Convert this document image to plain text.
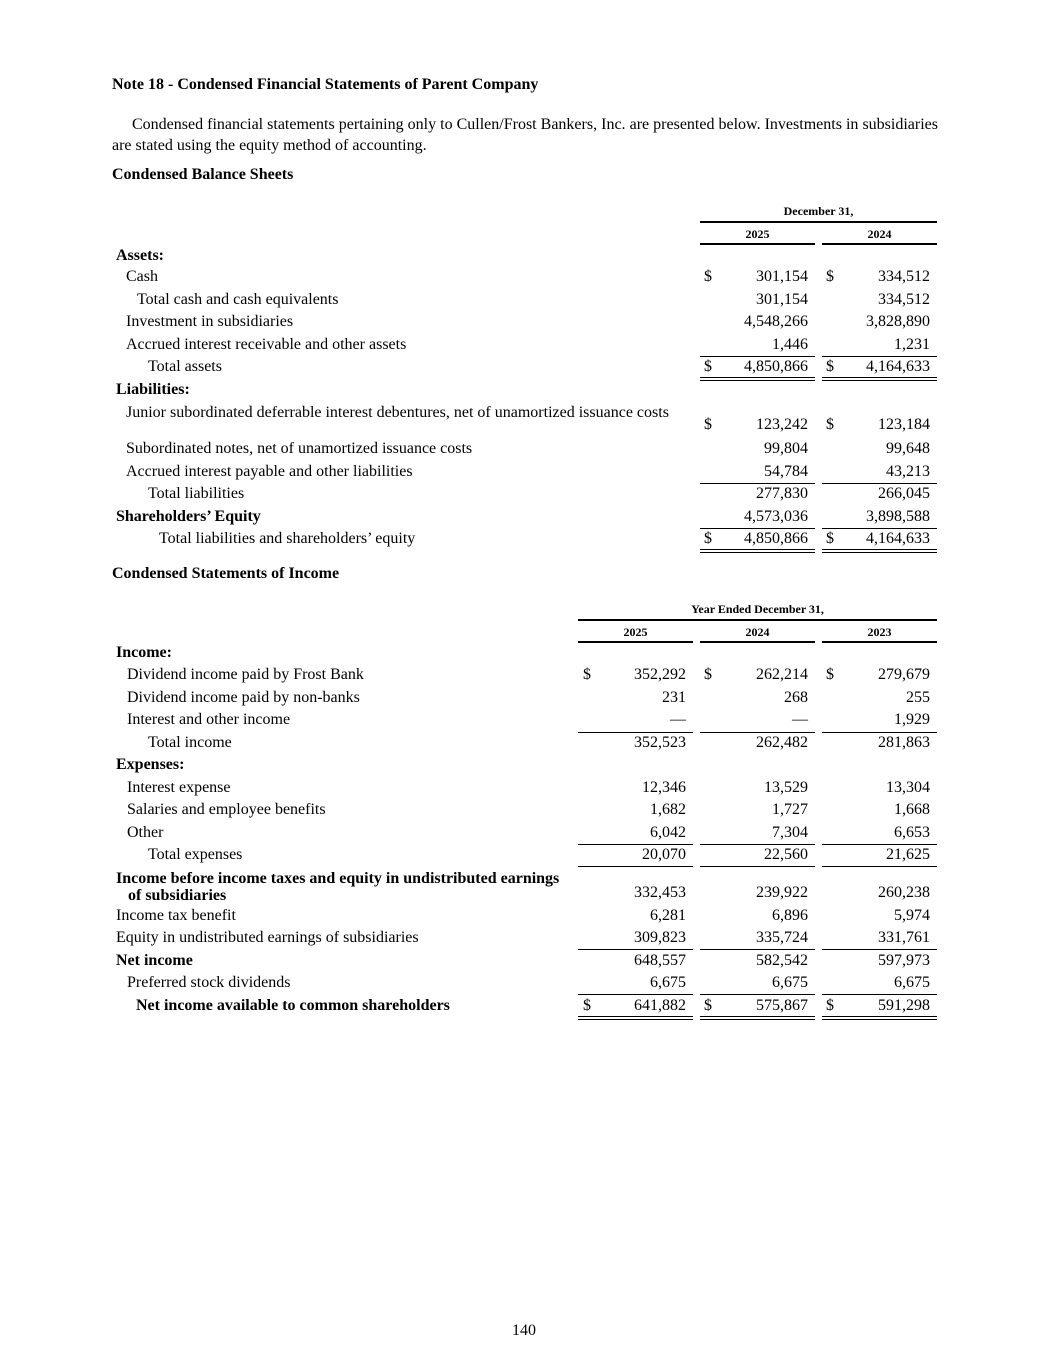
Note 18 - Condensed Financial Statements of Parent Company
Condensed financial statements pertaining only to Cullen/Frost Bankers, Inc. are presented below. Investments in subsidiaries are stated using the equity method of accounting.
Condensed Balance Sheets
December 31,
2025	2024
Assets:
Cash	$	301,154 $	334,512
Total cash and cash equivalents	301,154	334,512
Investment in subsidiaries	4,548,266	3,828,890
Accrued interest receivable and other assets	1,446	1,231
Total assets	$	4,850,866 $	4,164,633
Liabilities:
Junior subordinated deferrable interest debentures, net of unamortized issuance costs
$	123,242 $	123,184
Subordinated notes, net of unamortized issuance costs	99,804	99,648
Accrued interest payable and other liabilities	54,784	43,213
Total liabilities	277,830	266,045
Shareholders’ Equity	4,573,036	3,898,588
Total liabilities and shareholders’ equity	$	4,850,866 $	4,164,633
Condensed Statements of Income
Year Ended December 31,
2025	2024	2023
Income:
Dividend income paid by Frost Bank	$	352,292 $	262,214 $	279,679
Dividend income paid by non-banks	231	268	255
Interest and other income	—	—	1,929
Total income	352,523	262,482	281,863
Expenses:
Interest expense	12,346	13,529	13,304
Salaries and employee benefits	1,682	1,727	1,668
Other	6,042	7,304	6,653
Total expenses	20,070	22,560	21,625
Income before income taxes and equity in undistributed earnings of subsidiaries	332,453	239,922	260,238
Income tax benefit	6,281	6,896	5,974
Equity in undistributed earnings of subsidiaries	309,823	335,724	331,761
Net income	648,557	582,542	597,973
Preferred stock dividends	6,675	6,675	6,675
Net income available to common shareholders	$	641,882 $	575,867 $	591,298
140
